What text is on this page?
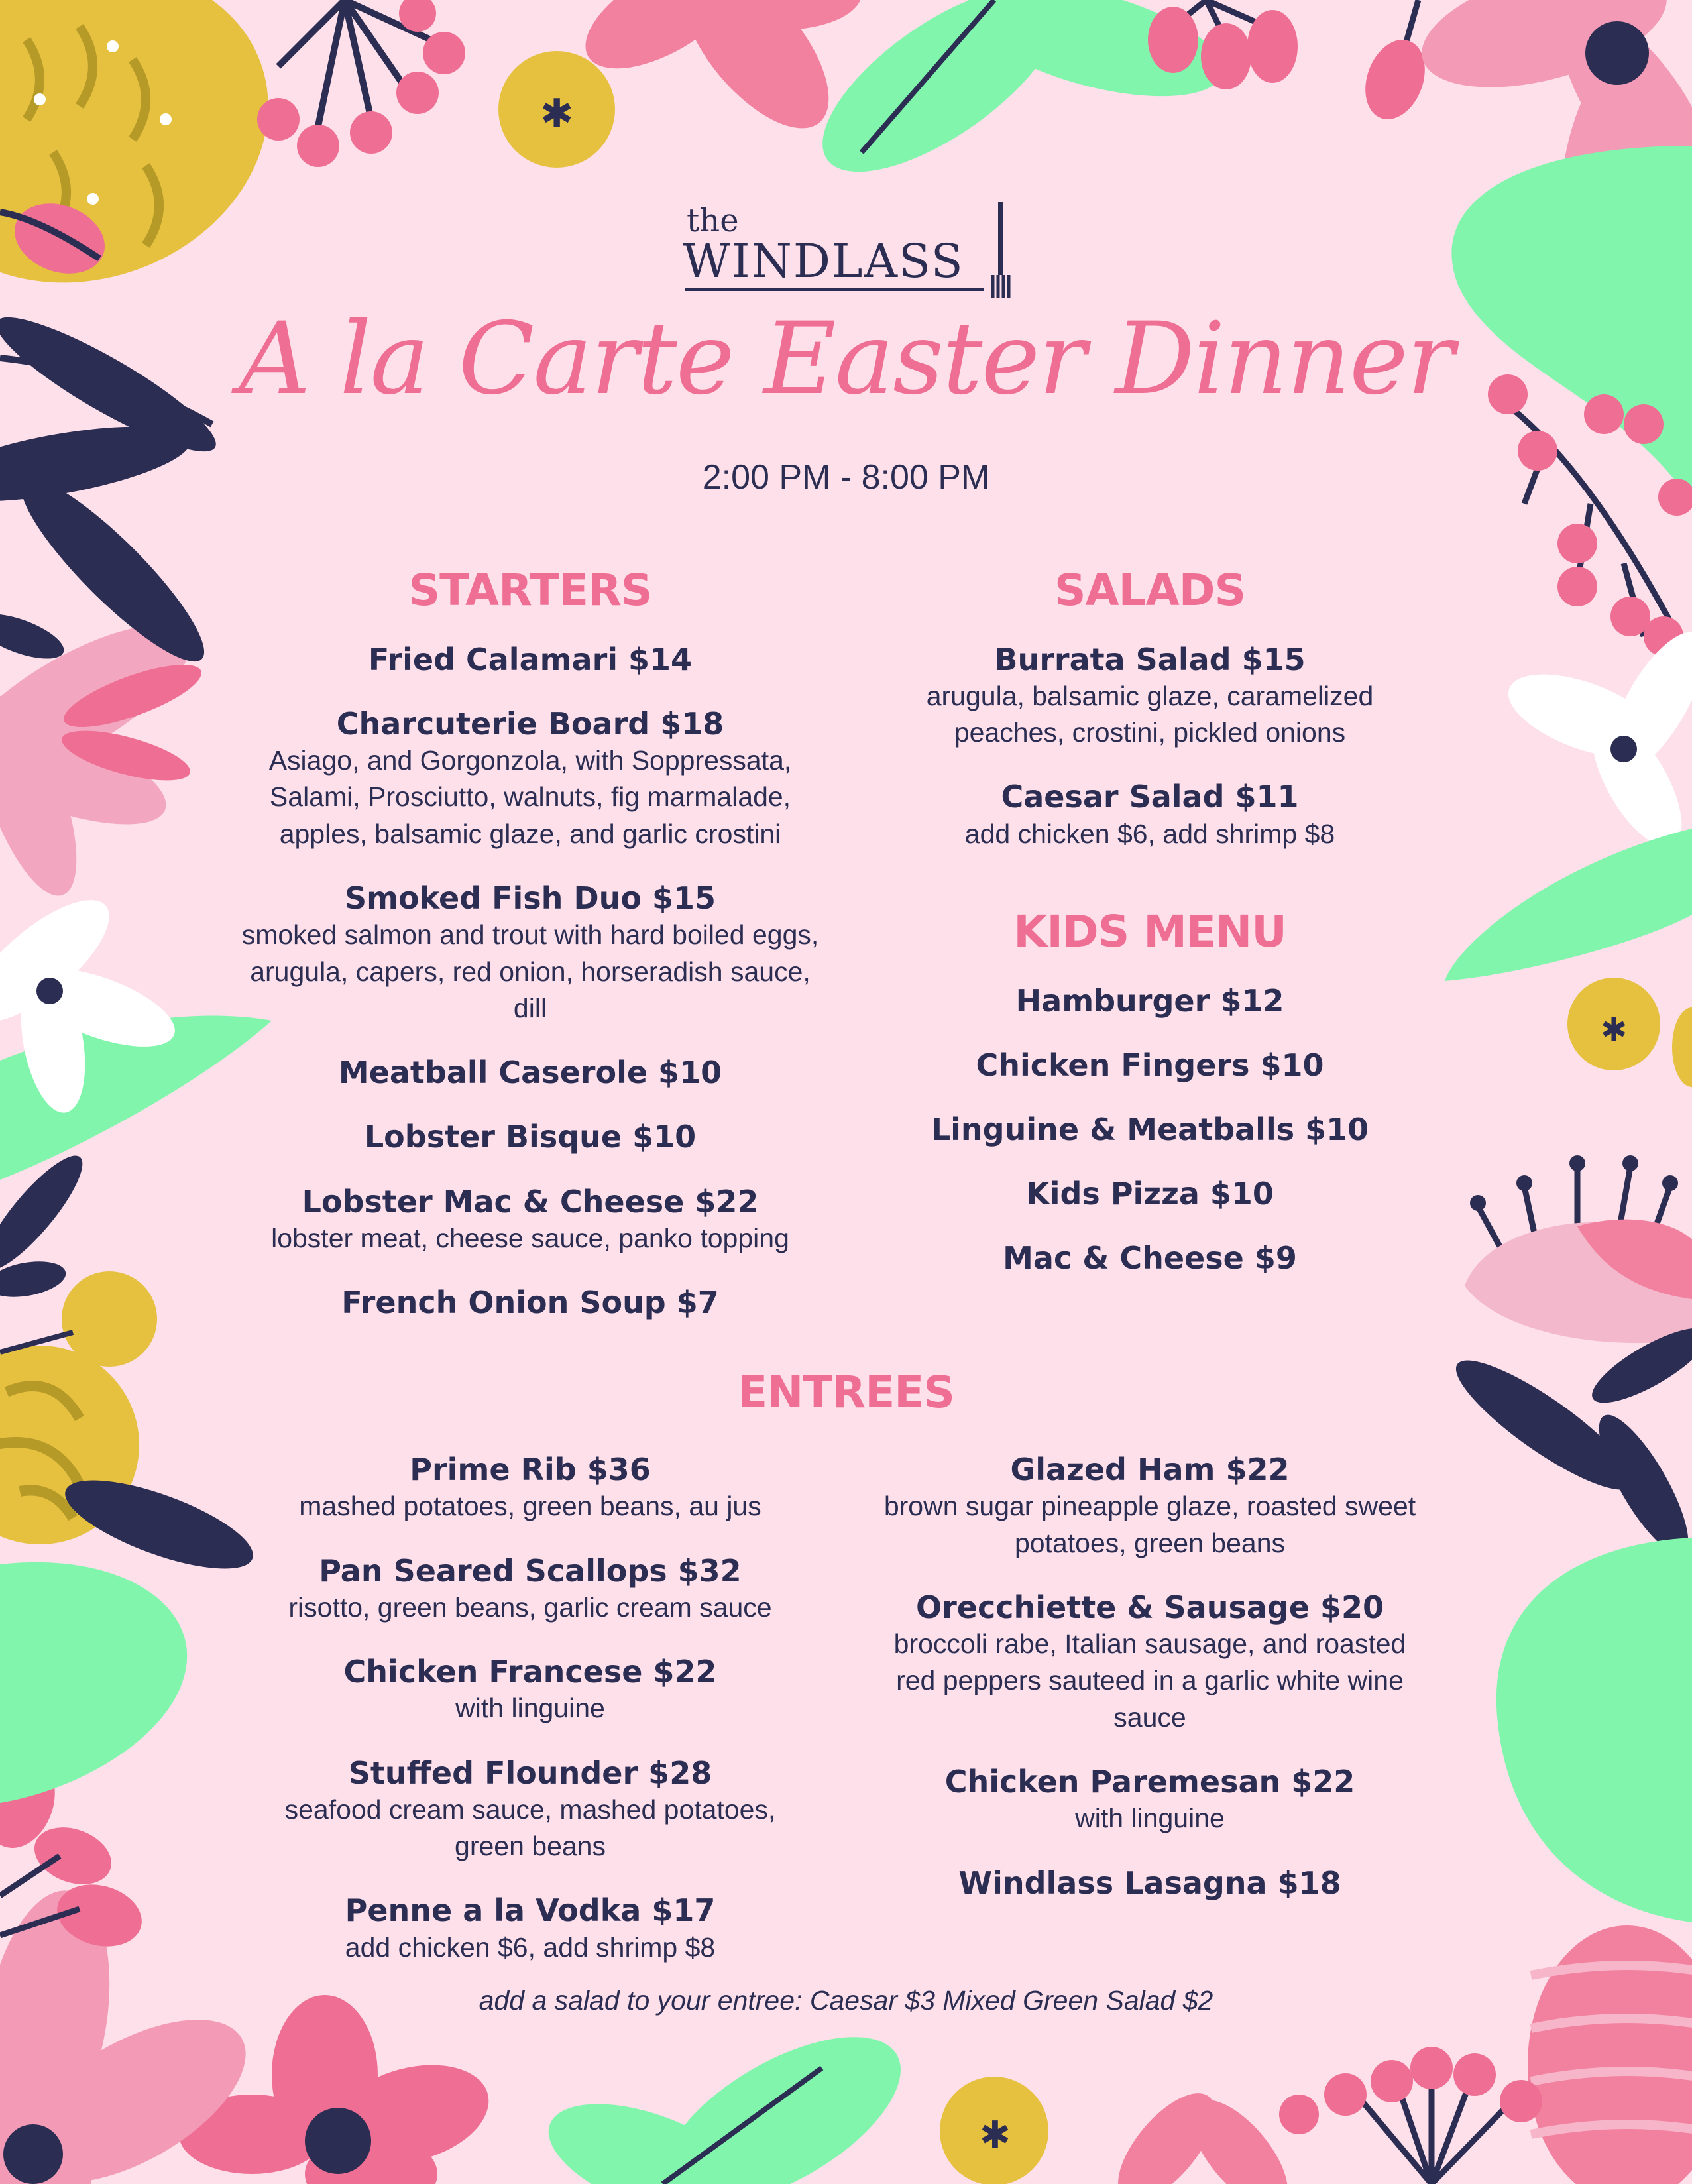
✱
✱
✱
the
WINDLASS
A la Carte Easter Dinner
2:00 PM - 8:00 PM
STARTERS
Fried Calamari $14
Charcuterie Board $18
Asiago, and Gorgonzola, with Soppressata, Salami, Prosciutto, walnuts, fig marmalade, apples, balsamic glaze, and garlic crostini
Smoked Fish Duo $15
smoked salmon and trout with hard boiled eggs, arugula, capers, red onion, horseradish sauce, dill
Meatball Caserole $10
Lobster Bisque $10
Lobster Mac & Cheese $22
lobster meat, cheese sauce, panko topping
French Onion Soup $7
SALADS
Burrata Salad $15
arugula, balsamic glaze, caramelized peaches, crostini, pickled onions
Caesar Salad $11
add chicken $6, add shrimp $8
KIDS MENU
Hamburger $12
Chicken Fingers $10
Linguine & Meatballs $10
Kids Pizza $10
Mac & Cheese $9
ENTREES
Prime Rib $36
mashed potatoes, green beans, au jus
Pan Seared Scallops $32
risotto, green beans, garlic cream sauce
Chicken Francese $22
with linguine
Stuffed Flounder $28
seafood cream sauce, mashed potatoes, green beans
Penne a la Vodka $17
add chicken $6, add shrimp $8
Glazed Ham $22
brown sugar pineapple glaze, roasted sweet potatoes, green beans
Orecchiette & Sausage $20
broccoli rabe, Italian sausage, and roasted red peppers sauteed in a garlic white wine sauce
Chicken Paremesan $22
with linguine
Windlass Lasagna $18
add a salad to your entree: Caesar $3 Mixed Green Salad $2
